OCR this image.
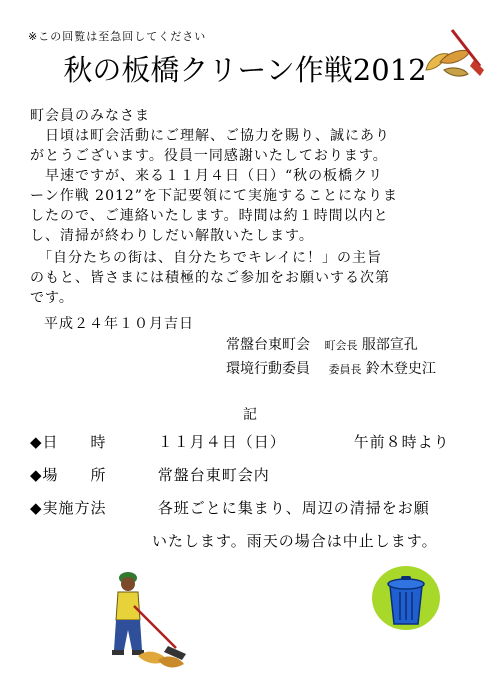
※この回覧は至急回してください
秋の板橋クリーン作戦2012
町会員のみなさま
　日頃は町会活動にご理解、ご協力を賜り、誠にあり
がとうございます。役員一同感謝いたしております。
　早速ですが、来る１１月４日（日）“秋の板橋クリ
ーン作戦 2012”を下記要領にて実施することになりま
したので、ご連絡いたします。時間は約１時間以内と
し、清掃が終わりしだい解散いたします。
　「自分たちの街は、自分たちでキレイに！」の主旨
のもと、皆さまには積極的なご参加をお願いする次第
です。
平成２４年１０月吉日
常盤台東町会 町会長 服部宣孔
環境行動委員 委員長 鈴木登史江
記
◆日　　時	１１月４日（日）	午前８時より
◆場　　所	常盤台東町会内
◆実施方法	各班ごとに集まり、周辺の清掃をお願
いたします。雨天の場合は中止します。
